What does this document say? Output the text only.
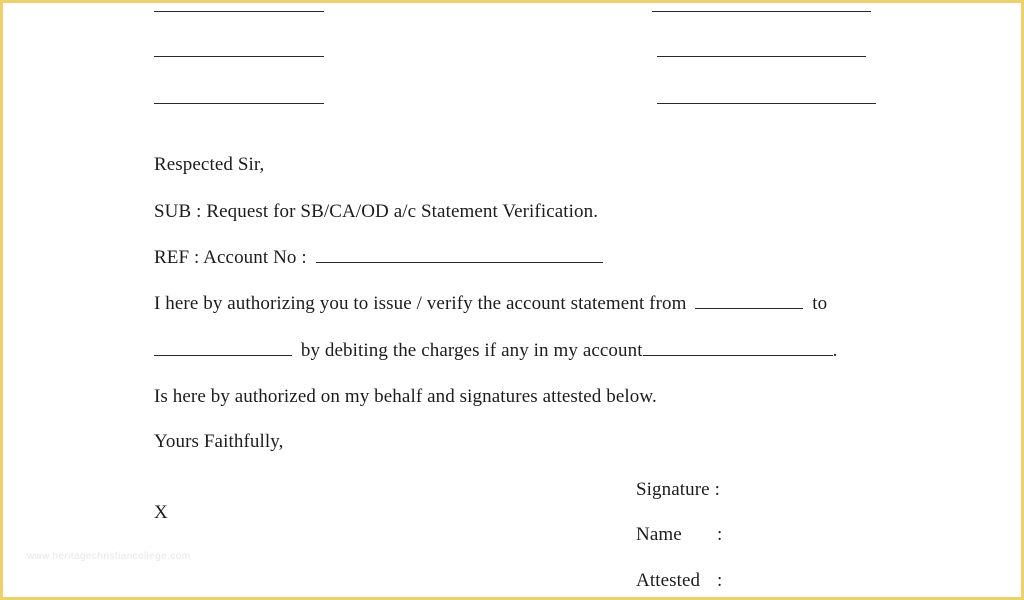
Respected Sir,
SUB : Request for SB/CA/OD a/c Statement Verification.
REF : Account No :
I here by authorizing you to issue / verify the account statement from	to
by debiting the charges if any in my account	.
Is here by authorized on my behalf and signatures attested below.
Yours Faithfully,
X
Signature :
Name :
Attested :
www.heritagechristiancollege.com
